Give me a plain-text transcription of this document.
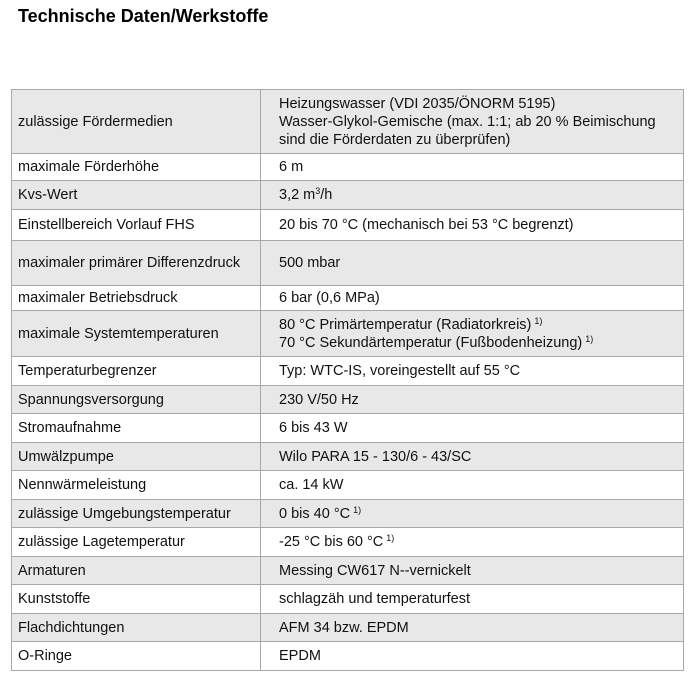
Technische Daten/Werkstoffe
zulässige Fördermedien	Heizungswasser (VDI 2035/ÖNORM 5195)
Wasser-Glykol-Gemische (max. 1:1; ab 20 % Beimischung sind die Förderdaten zu überprüfen)

maximale Förderhöhe	6 m
Kvs-Wert	3,2 $m^3/h$
Einstellbereich Vorlauf FHS	20 bis 70 °C (mechanisch bei 53 °C begrenzt)
maximaler primärer Differenzdruck	500 mbar
maximaler Betriebsdruck	6 bar (0,6 MPa)
maximale Systemtemperaturen	80 °C Primärtemperatur (Radiatorkreis) $^{1)}$
70 °C Sekundärtemperatur (Fußbodenheizung) $^{1)}$

Temperaturbegrenzer	Typ: WTC-IS, voreingestellt auf 55 °C
Spannungsversorgung	230 V/50 Hz
Stromaufnahme	6 bis 43 W
Umwälzpumpe	Wilo PARA 15 - 130/6 - 43/SC
Nennwärmeleistung	ca. 14 kW
zulässige Umgebungstemperatur	0 bis 40 °C $^{1)}$
zulässige Lagetemperatur	-25 °C bis 60 °C $^{1)}$
Armaturen	Messing CW617 N--vernickelt
Kunststoffe	schlagzäh und temperaturfest
Flachdichtungen	AFM 34 bzw. EPDM
O-Ringe	EPDM
